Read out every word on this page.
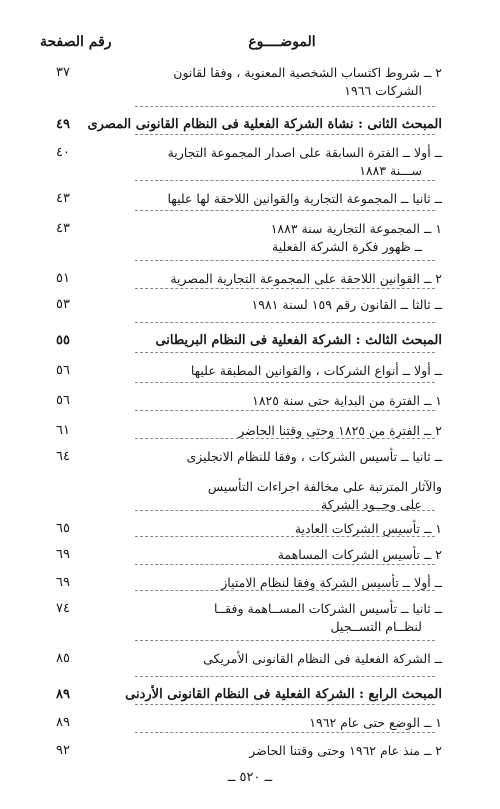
الموضــــوع
رقم الصفحة
٢ ــ شروط اكتساب الشخصية المعنوية ، وفقا لقانون
الشركات ١٩٦٦
٣٧
المبحث الثانى : نشاة الشركة الفعلية فى النظام القانونى المصرى
٤٩
ــ أولا ــ الفترة السابقة على اصدار المجموعة التجارية
ســـنة ١٨٨٣
٤٠
ــ ثانيا ــ المجموعة التجارية والقوانين اللاحقة لها عليها
٤٣
١ ــ المجموعة التجارية سنة ١٨٨٣
ــ ظهور فكرة الشركة الفعلية
٤٣
٢ ــ القوانين اللاحقة على المجموعة التجارية المصرية
٥١
ــ ثالثا ــ القانون رقم ١٥٩ لسنة ١٩٨١
٥٣
المبحث الثالث : الشركة الفعلية فى النظام البريطانى
٥٥
ــ أولا ــ أنواع الشركات ، والقوانين المطبقة عليها
٥٦
١ ــ الفترة من البداية حتى سنة ١٨٢٥
٥٦
٢ ــ الفترة من ١٨٢٥ وحتى وقتنا الحاضر
٦١
ــ ثانيا ــ تأسيس الشركات ، وفقا للنظام الانجليزى
٦٤
والآثار المترتبة على مخالفة اجراءات التأسيس
على وجــود الشركة
١ ــ تأسيس الشركات العادية
٦٥
٢ ــ تأسيس الشركات المساهمة
٦٩
ــ أولا ــ تأسيس الشركة وفقا لنظام الامتياز
٦٩
ــ ثانيا ــ تأسيس الشركات المســاهمة وفقــا
لنظــام التســجيل
٧٤
ــ الشركة الفعلية فى النظام القانونى الأمريكى
٨٥
المبحث الرابع : الشركة الفعلية فى النظام القانونى الأردنى
٨٩
١ ــ الوضع حتى عام ١٩٦٢
٨٩
٢ ــ منذ عام ١٩٦٢ وحتى وقتنا الحاضر
٩٢
ــ ٥٢٠ ــ
